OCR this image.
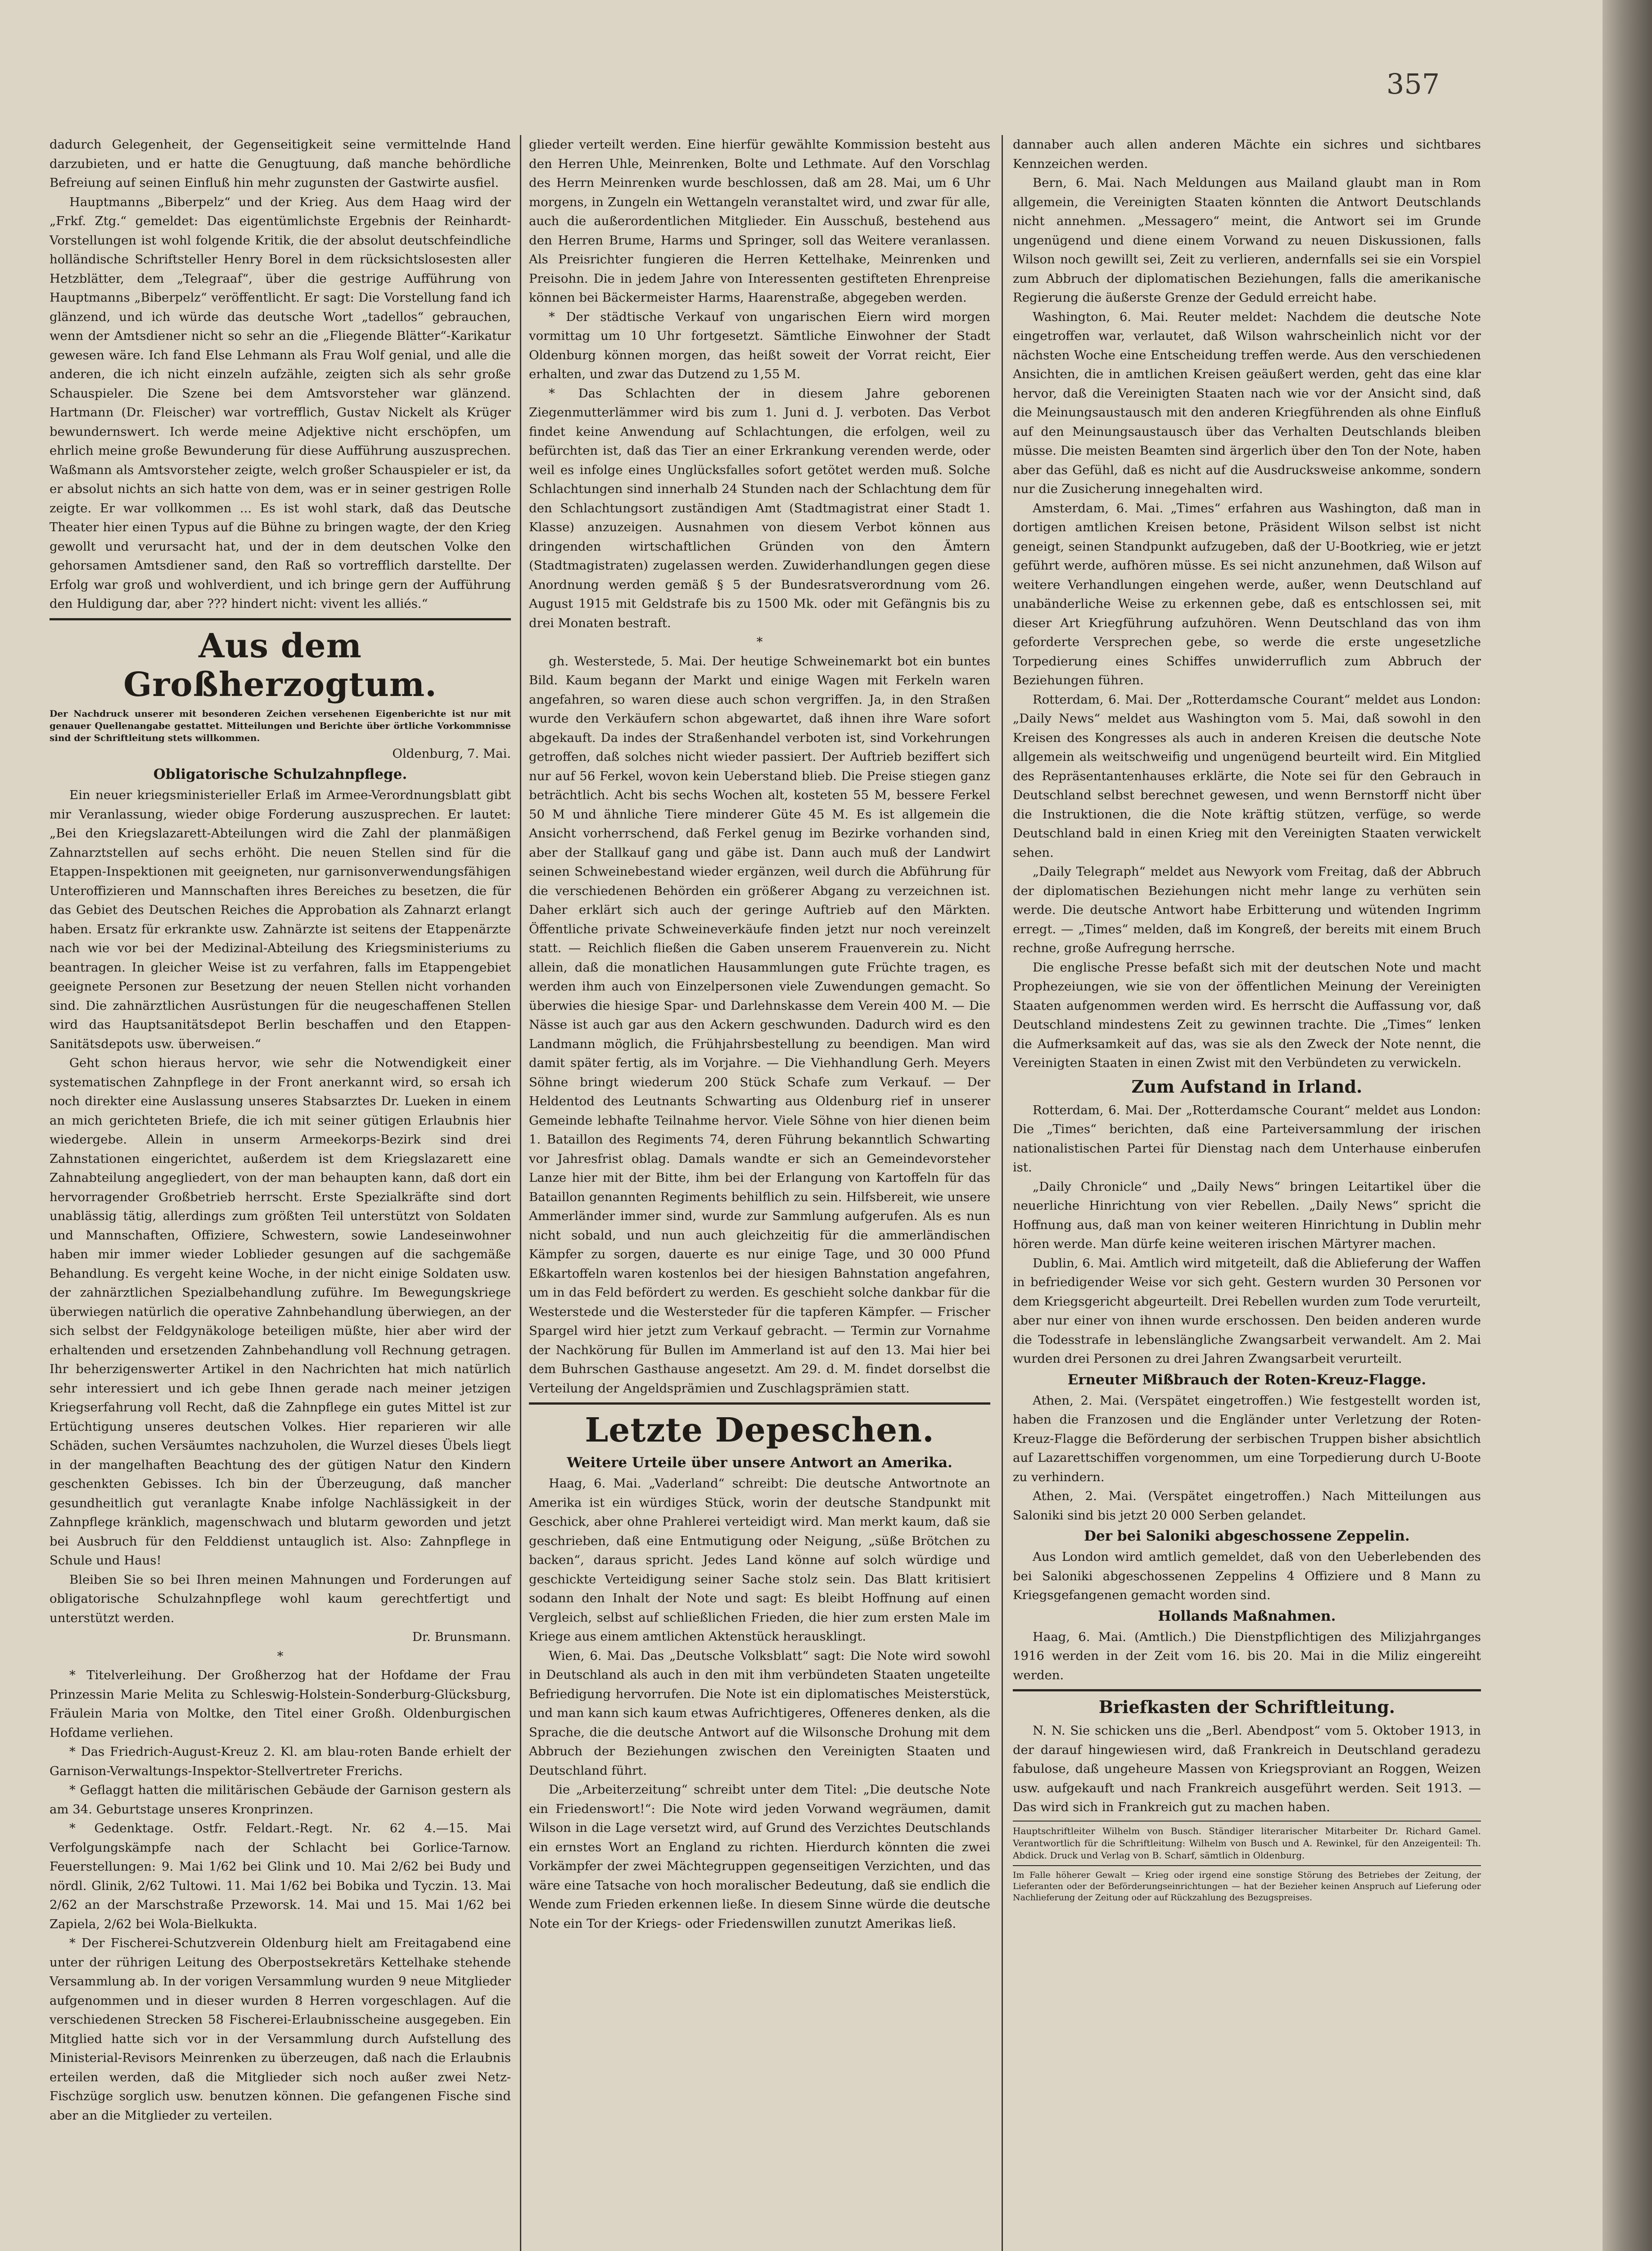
357

dadurch Gelegenheit, der Gegenseitigkeit seine vermittelnde Hand darzubieten, und er hatte die Genugtuung, daß manche behördliche Befreiung auf seinen Einfluß hin mehr zugunsten der Gastwirte ausfiel.

Hauptmanns „Biberpelz“ und der Krieg. Aus dem Haag wird der „Frkf. Ztg.“ gemeldet: Das eigentümlichste Ergebnis der Reinhardt-Vorstellungen ist wohl folgende Kritik, die der absolut deutschfeindliche holländische Schriftsteller Henry Borel in dem rücksichtslosesten aller Hetzblätter, dem „Telegraaf“, über die gestrige Aufführung von Hauptmanns „Biberpelz“ veröffentlicht. Er sagt: Die Vorstellung fand ich glänzend, und ich würde das deutsche Wort „tadellos“ gebrauchen, wenn der Amtsdiener nicht so sehr an die „Fliegende Blätter“-Karikatur gewesen wäre. Ich fand Else Lehmann als Frau Wolf genial, und alle die anderen, die ich nicht einzeln aufzähle, zeigten sich als sehr große Schauspieler. Die Szene bei dem Amtsvorsteher war glänzend. Hartmann (Dr. Fleischer) war vortrefflich, Gustav Nickelt als Krüger bewundernswert. Ich werde meine Adjektive nicht erschöpfen, um ehrlich meine große Bewunderung für diese Aufführung auszusprechen. Waßmann als Amtsvorsteher zeigte, welch großer Schauspieler er ist, da er absolut nichts an sich hatte von dem, was er in seiner gestrigen Rolle zeigte. Er war vollkommen ... Es ist wohl stark, daß das Deutsche Theater hier einen Typus auf die Bühne zu bringen wagte, der den Krieg gewollt und verursacht hat, und der in dem deutschen Volke den gehorsamen Amtsdiener sand, den Raß so vortrefflich darstellte. Der Erfolg war groß und wohlverdient, und ich bringe gern der Aufführung den Huldigung dar, aber ??? hindert nicht: vivent les alliés.“

Aus dem Großherzogtum.

Der Nachdruck unserer mit besonderen Zeichen versehenen Eigenberichte ist nur mit genauer Quellenangabe gestattet. Mitteilungen und Berichte über örtliche Vorkommnisse sind der Schriftleitung stets willkommen.

Oldenburg, 7. Mai.

Obligatorische Schulzahnpflege.

Ein neuer kriegsministerieller Erlaß im Armee-Verordnungsblatt gibt mir Veranlassung, wieder obige Forderung auszusprechen. Er lautet: „Bei den Kriegslazarett-Abteilungen wird die Zahl der planmäßigen Zahnarztstellen auf sechs erhöht. Die neuen Stellen sind für die Etappen-Inspektionen mit geeigneten, nur garnisonverwendungsfähigen Unteroffizieren und Mannschaften ihres Bereiches zu besetzen, die für das Gebiet des Deutschen Reiches die Approbation als Zahnarzt erlangt haben. Ersatz für erkrankte usw. Zahnärzte ist seitens der Etappenärzte nach wie vor bei der Medizinal-Abteilung des Kriegsministeriums zu beantragen. In gleicher Weise ist zu verfahren, falls im Etappengebiet geeignete Personen zur Besetzung der neuen Stellen nicht vorhanden sind. Die zahnärztlichen Ausrüstungen für die neugeschaffenen Stellen wird das Hauptsanitätsdepot Berlin beschaffen und den Etappen-Sanitätsdepots usw. überweisen.“

Geht schon hieraus hervor, wie sehr die Notwendigkeit einer systematischen Zahnpflege in der Front anerkannt wird, so ersah ich noch direkter eine Auslassung unseres Stabsarztes Dr. Lueken in einem an mich gerichteten Briefe, die ich mit seiner gütigen Erlaubnis hier wiedergebe. Allein in unserm Armeekorps-Bezirk sind drei Zahnstationen eingerichtet, außerdem ist dem Kriegslazarett eine Zahnabteilung angegliedert, von der man behaupten kann, daß dort ein hervorragender Großbetrieb herrscht. Erste Spezialkräfte sind dort unablässig tätig, allerdings zum größten Teil unterstützt von Soldaten und Mannschaften, Offiziere, Schwestern, sowie Landeseinwohner haben mir immer wieder Loblieder gesungen auf die sachgemäße Behandlung. Es vergeht keine Woche, in der nicht einige Soldaten usw. der zahnärztlichen Spezialbehandlung zuführe. Im Bewegungskriege überwiegen natürlich die operative Zahnbehandlung überwiegen, an der sich selbst der Feldgynäkologe beteiligen müßte, hier aber wird der erhaltenden und ersetzenden Zahnbehandlung voll Rechnung getragen. Ihr beherzigenswerter Artikel in den Nachrichten hat mich natürlich sehr interessiert und ich gebe Ihnen gerade nach meiner jetzigen Kriegserfahrung voll Recht, daß die Zahnpflege ein gutes Mittel ist zur Ertüchtigung unseres deutschen Volkes. Hier reparieren wir alle Schäden, suchen Versäumtes nachzuholen, die Wurzel dieses Übels liegt in der mangelhaften Beachtung des der gütigen Natur den Kindern geschenkten Gebisses. Ich bin der Überzeugung, daß mancher gesundheitlich gut veranlagte Knabe infolge Nachlässigkeit in der Zahnpflege kränklich, magenschwach und blutarm geworden und jetzt bei Ausbruch für den Felddienst untauglich ist. Also: Zahnpflege in Schule und Haus!

Bleiben Sie so bei Ihren meinen Mahnungen und Forderungen auf obligatorische Schulzahnpflege wohl kaum gerechtfertigt und unterstützt werden.

Dr. Brunsmann.

*

* Titelverleihung. Der Großherzog hat der Hofdame der Frau Prinzessin Marie Melita zu Schleswig-Holstein-Sonderburg-Glücksburg, Fräulein Maria von Moltke, den Titel einer Großh. Oldenburgischen Hofdame verliehen.

* Das Friedrich-August-Kreuz 2. Kl. am blau-roten Bande erhielt der Garnison-Verwaltungs-Inspektor-Stellvertreter Frerichs.

* Geflaggt hatten die militärischen Gebäude der Garnison gestern als am 34. Geburtstage unseres Kronprinzen.

* Gedenktage. Ostfr. Feldart.-Regt. Nr. 62 4.—15. Mai Verfolgungskämpfe nach der Schlacht bei Gorlice-Tarnow. Feuerstellungen: 9. Mai 1/62 bei Glink und 10. Mai 2/62 bei Budy und nördl. Glinik, 2/62 Tultowi. 11. Mai 1/62 bei Bobika und Tyczin. 13. Mai 2/62 an der Marschstraße Przeworsk. 14. Mai und 15. Mai 1/62 bei Zapiela, 2/62 bei Wola-Bielkukta.

* Der Fischerei-Schutzverein Oldenburg hielt am Freitagabend eine unter der rührigen Leitung des Oberpostsekretärs Kettelhake stehende Versammlung ab. In der vorigen Versammlung wurden 9 neue Mitglieder aufgenommen und in dieser wurden 8 Herren vorgeschlagen. Auf die verschiedenen Strecken 58 Fischerei-Erlaubnisscheine ausgegeben. Ein Mitglied hatte sich vor in der Versammlung durch Aufstellung des Ministerial-Revisors Meinrenken zu überzeugen, daß nach die Erlaubnis erteilen werden, daß die Mitglieder sich noch außer zwei Netz-Fischzüge sorglich usw. benutzen können. Die gefangenen Fische sind aber an die Mitglieder zu verteilen.

glieder verteilt werden. Eine hierfür gewählte Kommission besteht aus den Herren Uhle, Meinrenken, Bolte und Lethmate. Auf den Vorschlag des Herrn Meinrenken wurde beschlossen, daß am 28. Mai, um 6 Uhr morgens, in Zungeln ein Wettangeln veranstaltet wird, und zwar für alle, auch die außerordentlichen Mitglieder. Ein Ausschuß, bestehend aus den Herren Brume, Harms und Springer, soll das Weitere veranlassen. Als Preisrichter fungieren die Herren Kettelhake, Meinrenken und Preisohn. Die in jedem Jahre von Interessenten gestifteten Ehrenpreise können bei Bäckermeister Harms, Haarenstraße, abgegeben werden.

* Der städtische Verkauf von ungarischen Eiern wird morgen vormittag um 10 Uhr fortgesetzt. Sämtliche Einwohner der Stadt Oldenburg können morgen, das heißt soweit der Vorrat reicht, Eier erhalten, und zwar das Dutzend zu 1,55 M.

* Das Schlachten der in diesem Jahre geborenen Ziegenmutterlämmer wird bis zum 1. Juni d. J. verboten. Das Verbot findet keine Anwendung auf Schlachtungen, die erfolgen, weil zu befürchten ist, daß das Tier an einer Erkrankung verenden werde, oder weil es infolge eines Unglücksfalles sofort getötet werden muß. Solche Schlachtungen sind innerhalb 24 Stunden nach der Schlachtung dem für den Schlachtungsort zuständigen Amt (Stadtmagistrat einer Stadt 1. Klasse) anzuzeigen. Ausnahmen von diesem Verbot können aus dringenden wirtschaftlichen Gründen von den Ämtern (Stadtmagistraten) zugelassen werden. Zuwiderhandlungen gegen diese Anordnung werden gemäß § 5 der Bundesratsverordnung vom 26. August 1915 mit Geldstrafe bis zu 1500 Mk. oder mit Gefängnis bis zu drei Monaten bestraft.

*

gh. Westerstede, 5. Mai. Der heutige Schweinemarkt bot ein buntes Bild. Kaum begann der Markt und einige Wagen mit Ferkeln waren angefahren, so waren diese auch schon vergriffen. Ja, in den Straßen wurde den Verkäufern schon abgewartet, daß ihnen ihre Ware sofort abgekauft. Da indes der Straßenhandel verboten ist, sind Vorkehrungen getroffen, daß solches nicht wieder passiert. Der Auftrieb beziffert sich nur auf 56 Ferkel, wovon kein Ueberstand blieb. Die Preise stiegen ganz beträchtlich. Acht bis sechs Wochen alt, kosteten 55 M, bessere Ferkel 50 M und ähnliche Tiere minderer Güte 45 M. Es ist allgemein die Ansicht vorherrschend, daß Ferkel genug im Bezirke vorhanden sind, aber der Stallkauf gang und gäbe ist. Dann auch muß der Landwirt seinen Schweinebestand wieder ergänzen, weil durch die Abführung für die verschiedenen Behörden ein größerer Abgang zu verzeichnen ist. Daher erklärt sich auch der geringe Auftrieb auf den Märkten. Öffentliche private Schweineverkäufe finden jetzt nur noch vereinzelt statt. — Reichlich fließen die Gaben unserem Frauenverein zu. Nicht allein, daß die monatlichen Hausammlungen gute Früchte tragen, es werden ihm auch von Einzelpersonen viele Zuwendungen gemacht. So überwies die hiesige Spar- und Darlehnskasse dem Verein 400 M. — Die Nässe ist auch gar aus den Ackern geschwunden. Dadurch wird es den Landmann möglich, die Frühjahrsbestellung zu beendigen. Man wird damit später fertig, als im Vorjahre. — Die Viehhandlung Gerh. Meyers Söhne bringt wiederum 200 Stück Schafe zum Verkauf. — Der Heldentod des Leutnants Schwarting aus Oldenburg rief in unserer Gemeinde lebhafte Teilnahme hervor. Viele Söhne von hier dienen beim 1. Bataillon des Regiments 74, deren Führung bekanntlich Schwarting vor Jahresfrist oblag. Damals wandte er sich an Gemeindevorsteher Lanze hier mit der Bitte, ihm bei der Erlangung von Kartoffeln für das Bataillon genannten Regiments behilflich zu sein. Hilfsbereit, wie unsere Ammerländer immer sind, wurde zur Sammlung aufgerufen. Als es nun nicht sobald, und nun auch gleichzeitig für die ammerländischen Kämpfer zu sorgen, dauerte es nur einige Tage, und 30 000 Pfund Eßkartoffeln waren kostenlos bei der hiesigen Bahnstation angefahren, um in das Feld befördert zu werden. Es geschieht solche dankbar für die Westerstede und die Westersteder für die tapferen Kämpfer. — Frischer Spargel wird hier jetzt zum Verkauf gebracht. — Termin zur Vornahme der Nachkörung für Bullen im Ammerland ist auf den 13. Mai hier bei dem Buhrschen Gasthause angesetzt. Am 29. d. M. findet dorselbst die Verteilung der Angeldsprämien und Zuschlagsprämien statt.

Letzte Depeschen.
Weitere Urteile über unsere Antwort an Amerika.

Haag, 6. Mai. „Vaderland“ schreibt: Die deutsche Antwortnote an Amerika ist ein würdiges Stück, worin der deutsche Standpunkt mit Geschick, aber ohne Prahlerei verteidigt wird. Man merkt kaum, daß sie geschrieben, daß eine Entmutigung oder Neigung, „süße Brötchen zu backen“, daraus spricht. Jedes Land könne auf solch würdige und geschickte Verteidigung seiner Sache stolz sein. Das Blatt kritisiert sodann den Inhalt der Note und sagt: Es bleibt Hoffnung auf einen Vergleich, selbst auf schließlichen Frieden, die hier zum ersten Male im Kriege aus einem amtlichen Aktenstück herausklingt.

Wien, 6. Mai. Das „Deutsche Volksblatt“ sagt: Die Note wird sowohl in Deutschland als auch in den mit ihm verbündeten Staaten ungeteilte Befriedigung hervorrufen. Die Note ist ein diplomatisches Meisterstück, und man kann sich kaum etwas Aufrichtigeres, Offeneres denken, als die Sprache, die die deutsche Antwort auf die Wilsonsche Drohung mit dem Abbruch der Beziehungen zwischen den Vereinigten Staaten und Deutschland führt.

Die „Arbeiterzeitung“ schreibt unter dem Titel: „Die deutsche Note ein Friedenswort!“: Die Note wird jeden Vorwand wegräumen, damit Wilson in die Lage versetzt wird, auf Grund des Verzichtes Deutschlands ein ernstes Wort an England zu richten. Hierdurch könnten die zwei Vorkämpfer der zwei Mächtegruppen gegenseitigen Verzichten, und das wäre eine Tatsache von hoch moralischer Bedeutung, daß sie endlich die Wende zum Frieden erkennen ließe. In diesem Sinne würde die deutsche Note ein Tor der Kriegs- oder Friedenswillen zunutzt Amerikas ließ.

dannaber auch allen anderen Mächte ein sichres und sichtbares Kennzeichen werden.

Bern, 6. Mai. Nach Meldungen aus Mailand glaubt man in Rom allgemein, die Vereinigten Staaten könnten die Antwort Deutschlands nicht annehmen. „Messagero“ meint, die Antwort sei im Grunde ungenügend und diene einem Vorwand zu neuen Diskussionen, falls Wilson noch gewillt sei, Zeit zu verlieren, andernfalls sei sie ein Vorspiel zum Abbruch der diplomatischen Beziehungen, falls die amerikanische Regierung die äußerste Grenze der Geduld erreicht habe.

Washington, 6. Mai. Reuter meldet: Nachdem die deutsche Note eingetroffen war, verlautet, daß Wilson wahrscheinlich nicht vor der nächsten Woche eine Entscheidung treffen werde. Aus den verschiedenen Ansichten, die in amtlichen Kreisen geäußert werden, geht das eine klar hervor, daß die Vereinigten Staaten nach wie vor der Ansicht sind, daß die Meinungsaustausch mit den anderen Kriegführenden als ohne Einfluß auf den Meinungsaustausch über das Verhalten Deutschlands bleiben müsse. Die meisten Beamten sind ärgerlich über den Ton der Note, haben aber das Gefühl, daß es nicht auf die Ausdrucksweise ankomme, sondern nur die Zusicherung innegehalten wird.

Amsterdam, 6. Mai. „Times“ erfahren aus Washington, daß man in dortigen amtlichen Kreisen betone, Präsident Wilson selbst ist nicht geneigt, seinen Standpunkt aufzugeben, daß der U-Bootkrieg, wie er jetzt geführt werde, aufhören müsse. Es sei nicht anzunehmen, daß Wilson auf weitere Verhandlungen eingehen werde, außer, wenn Deutschland auf unabänderliche Weise zu erkennen gebe, daß es entschlossen sei, mit dieser Art Kriegführung aufzuhören. Wenn Deutschland das von ihm geforderte Versprechen gebe, so werde die erste ungesetzliche Torpedierung eines Schiffes unwiderruflich zum Abbruch der Beziehungen führen.

Rotterdam, 6. Mai. Der „Rotterdamsche Courant“ meldet aus London: „Daily News“ meldet aus Washington vom 5. Mai, daß sowohl in den Kreisen des Kongresses als auch in anderen Kreisen die deutsche Note allgemein als weitschweifig und ungenügend beurteilt wird. Ein Mitglied des Repräsentantenhauses erklärte, die Note sei für den Gebrauch in Deutschland selbst berechnet gewesen, und wenn Bernstorff nicht über die Instruktionen, die die Note kräftig stützen, verfüge, so werde Deutschland bald in einen Krieg mit den Vereinigten Staaten verwickelt sehen.

„Daily Telegraph“ meldet aus Newyork vom Freitag, daß der Abbruch der diplomatischen Beziehungen nicht mehr lange zu verhüten sein werde. Die deutsche Antwort habe Erbitterung und wütenden Ingrimm erregt. — „Times“ melden, daß im Kongreß, der bereits mit einem Bruch rechne, große Aufregung herrsche.

Die englische Presse befaßt sich mit der deutschen Note und macht Prophezeiungen, wie sie von der öffentlichen Meinung der Vereinigten Staaten aufgenommen werden wird. Es herrscht die Auffassung vor, daß Deutschland mindestens Zeit zu gewinnen trachte. Die „Times“ lenken die Aufmerksamkeit auf das, was sie als den Zweck der Note nennt, die Vereinigten Staaten in einen Zwist mit den Verbündeten zu verwickeln.

Zum Aufstand in Irland.

Rotterdam, 6. Mai. Der „Rotterdamsche Courant“ meldet aus London: Die „Times“ berichten, daß eine Parteiversammlung der irischen nationalistischen Partei für Dienstag nach dem Unterhause einberufen ist.

„Daily Chronicle“ und „Daily News“ bringen Leitartikel über die neuerliche Hinrichtung von vier Rebellen. „Daily News“ spricht die Hoffnung aus, daß man von keiner weiteren Hinrichtung in Dublin mehr hören werde. Man dürfe keine weiteren irischen Märtyrer machen.

Dublin, 6. Mai. Amtlich wird mitgeteilt, daß die Ablieferung der Waffen in befriedigender Weise vor sich geht. Gestern wurden 30 Personen vor dem Kriegsgericht abgeurteilt. Drei Rebellen wurden zum Tode verurteilt, aber nur einer von ihnen wurde erschossen. Den beiden anderen wurde die Todesstrafe in lebenslängliche Zwangsarbeit verwandelt. Am 2. Mai wurden drei Personen zu drei Jahren Zwangsarbeit verurteilt.

Erneuter Mißbrauch der Roten-Kreuz-Flagge.

Athen, 2. Mai. (Verspätet eingetroffen.) Wie festgestellt worden ist, haben die Franzosen und die Engländer unter Verletzung der Roten-Kreuz-Flagge die Beförderung der serbischen Truppen bisher absichtlich auf Lazarettschiffen vorgenommen, um eine Torpedierung durch U-Boote zu verhindern.

Athen, 2. Mai. (Verspätet eingetroffen.) Nach Mitteilungen aus Saloniki sind bis jetzt 20 000 Serben gelandet.

Der bei Saloniki abgeschossene Zeppelin.

Aus London wird amtlich gemeldet, daß von den Ueberlebenden des bei Saloniki abgeschossenen Zeppelins 4 Offiziere und 8 Mann zu Kriegsgefangenen gemacht worden sind.

Hollands Maßnahmen.

Haag, 6. Mai. (Amtlich.) Die Dienstpflichtigen des Milizjahrganges 1916 werden in der Zeit vom 16. bis 20. Mai in die Miliz eingereiht werden.

Briefkasten der Schriftleitung.

N. N. Sie schicken uns die „Berl. Abendpost“ vom 5. Oktober 1913, in der darauf hingewiesen wird, daß Frankreich in Deutschland geradezu fabulose, daß ungeheure Massen von Kriegsproviant an Roggen, Weizen usw. aufgekauft und nach Frankreich ausgeführt werden. Seit 1913. — Das wird sich in Frankreich gut zu machen haben.

Hauptschriftleiter Wilhelm von Busch. Ständiger literarischer Mitarbeiter Dr. Richard Gamel. Verantwortlich für die Schriftleitung: Wilhelm von Busch und A. Rewinkel, für den Anzeigenteil: Th. Abdick. Druck und Verlag von B. Scharf, sämtlich in Oldenburg.

Im Falle höherer Gewalt — Krieg oder irgend eine sonstige Störung des Betriebes der Zeitung, der Lieferanten oder der Beförderungseinrichtungen — hat der Bezieher keinen Anspruch auf Lieferung oder Nachlieferung der Zeitung oder auf Rückzahlung des Bezugspreises.
